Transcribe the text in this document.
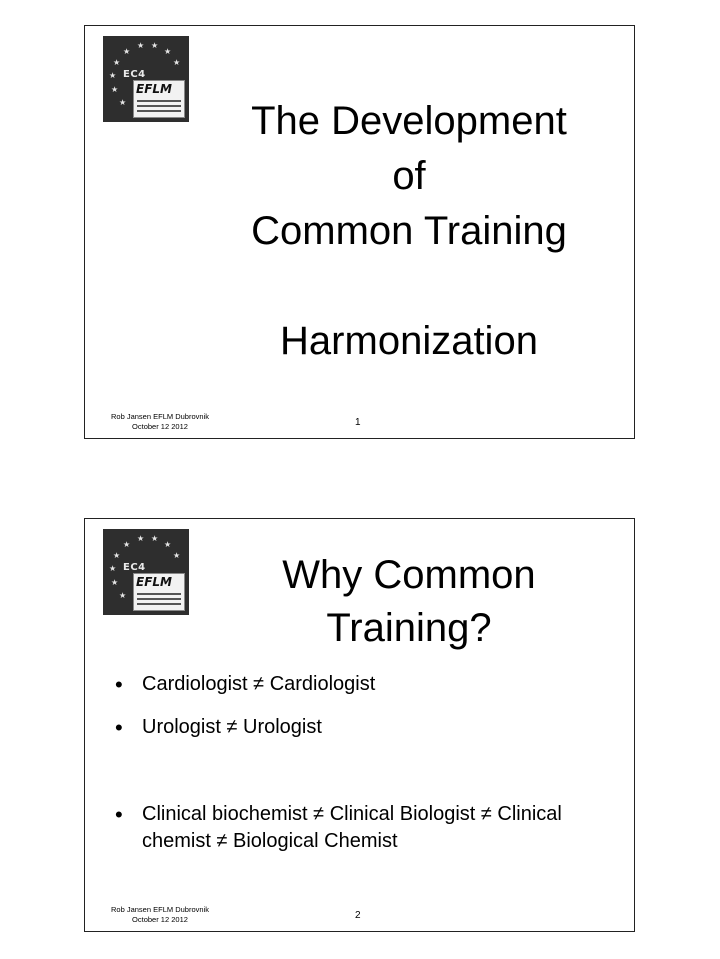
★
★ ★
★
★	★
★
★
★
EC4
EFLM
The Development
of
Common Training
Harmonization
Rob Jansen EFLM Dubrovnik
October 12 2012	1
★
★ ★
★
★	★
★
★
★
EC4
EFLM	Why Common
Training?
• Cardiologist ≠ Cardiologist
• Urologist ≠ Urologist
• Clinical biochemist ≠ Clinical Biologist ≠ Clinical chemist ≠ Biological Chemist
Rob Jansen EFLM Dubrovnik
October 12 2012	2
